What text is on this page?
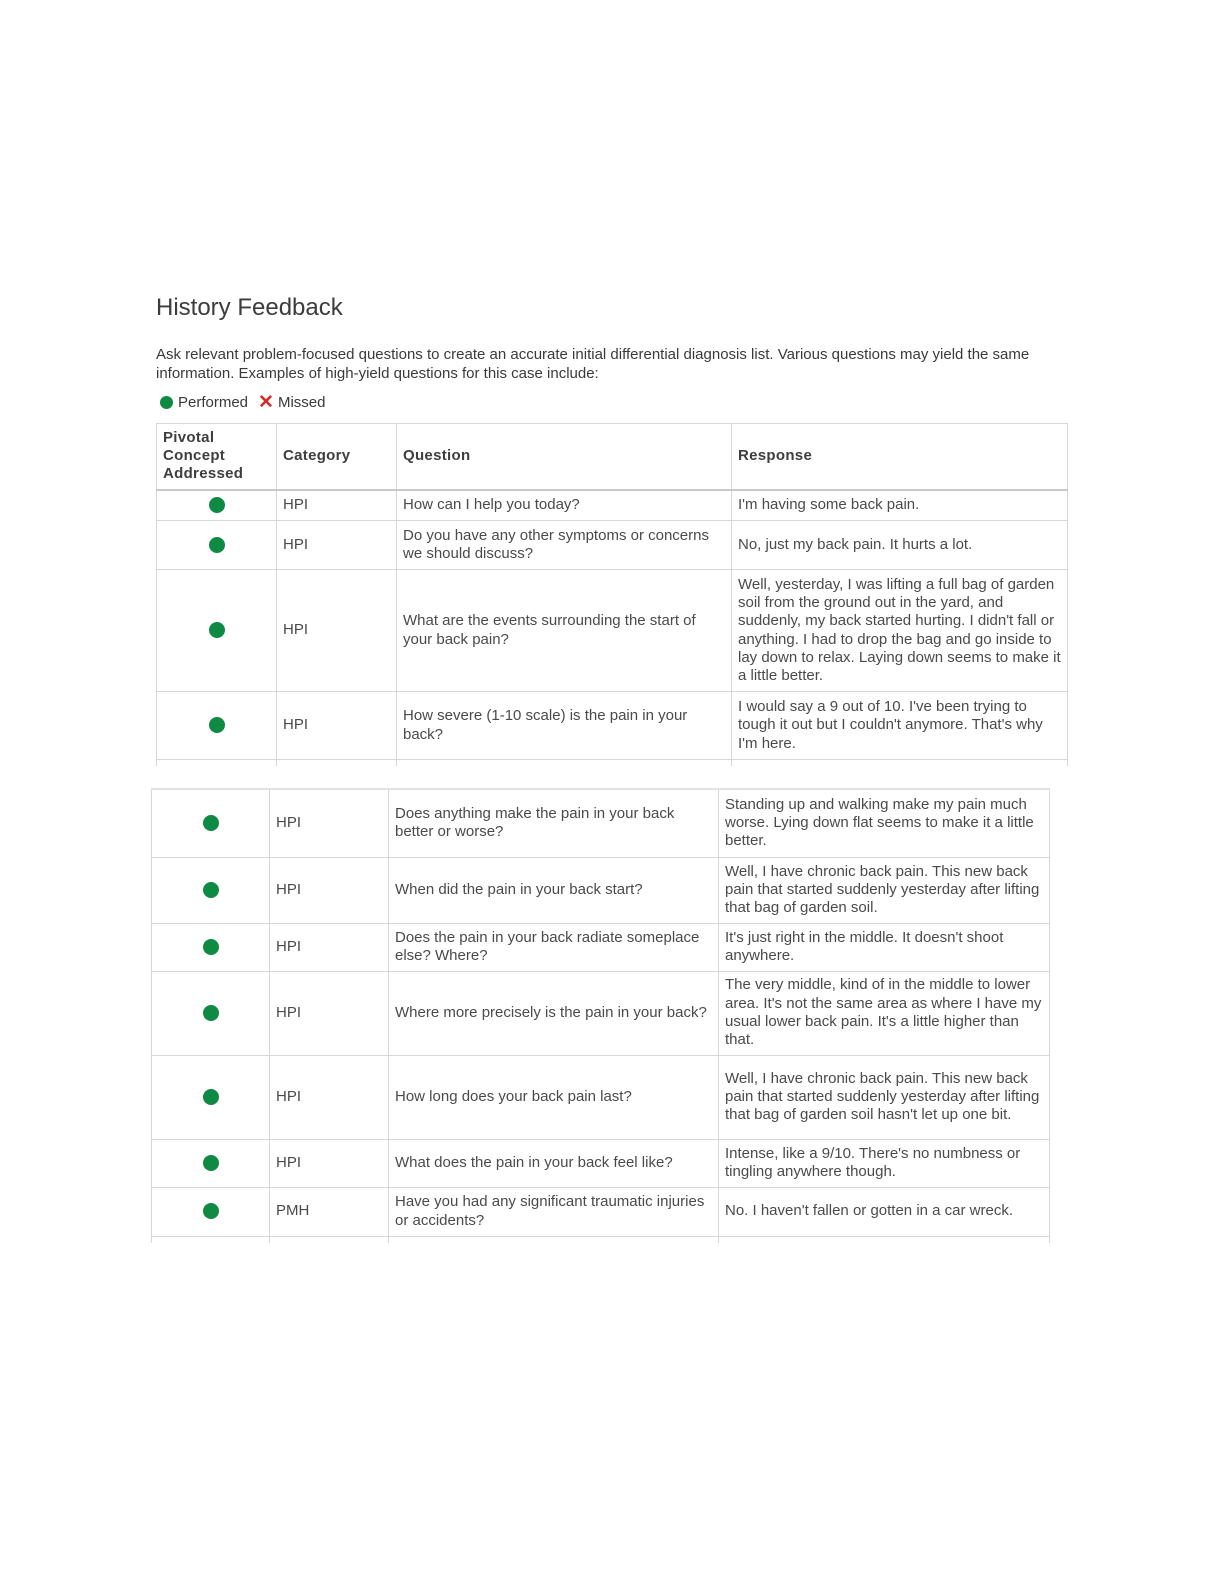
History Feedback

Ask relevant problem-focused questions to create an accurate initial differential diagnosis list. Various questions may yield the same information. Examples of high-yield questions for this case include:

Performed ✕ Missed
Pivotal Concept Addressed	Category	Question	Response
	HPI	How can I help you today?	I'm having some back pain.
	HPI	Do you have any other symptoms or concerns we should discuss?	No, just my back pain. It hurts a lot.
	HPI	What are the events surrounding the start of your back pain?	Well, yesterday, I was lifting a full bag of garden soil from the ground out in the yard, and suddenly, my back started hurting. I didn't fall or anything. I had to drop the bag and go inside to lay down to relax. Laying down seems to make it a little better.
	HPI	How severe (1-10 scale) is the pain in your back?	I would say a 9 out of 10. I've been trying to tough it out but I couldn't anymore. That's why I'm here.

	HPI	Does anything make the pain in your back better or worse?	Standing up and walking make my pain much worse. Lying down flat seems to make it a little better.
	HPI	When did the pain in your back start?	Well, I have chronic back pain. This new back pain that started suddenly yesterday after lifting that bag of garden soil.
	HPI	Does the pain in your back radiate someplace else? Where?	It's just right in the middle. It doesn't shoot anywhere.
	HPI	Where more precisely is the pain in your back?	The very middle, kind of in the middle to lower area. It's not the same area as where I have my usual lower back pain. It's a little higher than that.
	HPI	How long does your back pain last?	Well, I have chronic back pain. This new back pain that started suddenly yesterday after lifting that bag of garden soil hasn't let up one bit.
	HPI	What does the pain in your back feel like?	Intense, like a 9/10. There's no numbness or tingling anywhere though.
	PMH	Have you had any significant traumatic injuries or accidents?	No. I haven't fallen or gotten in a car wreck.
